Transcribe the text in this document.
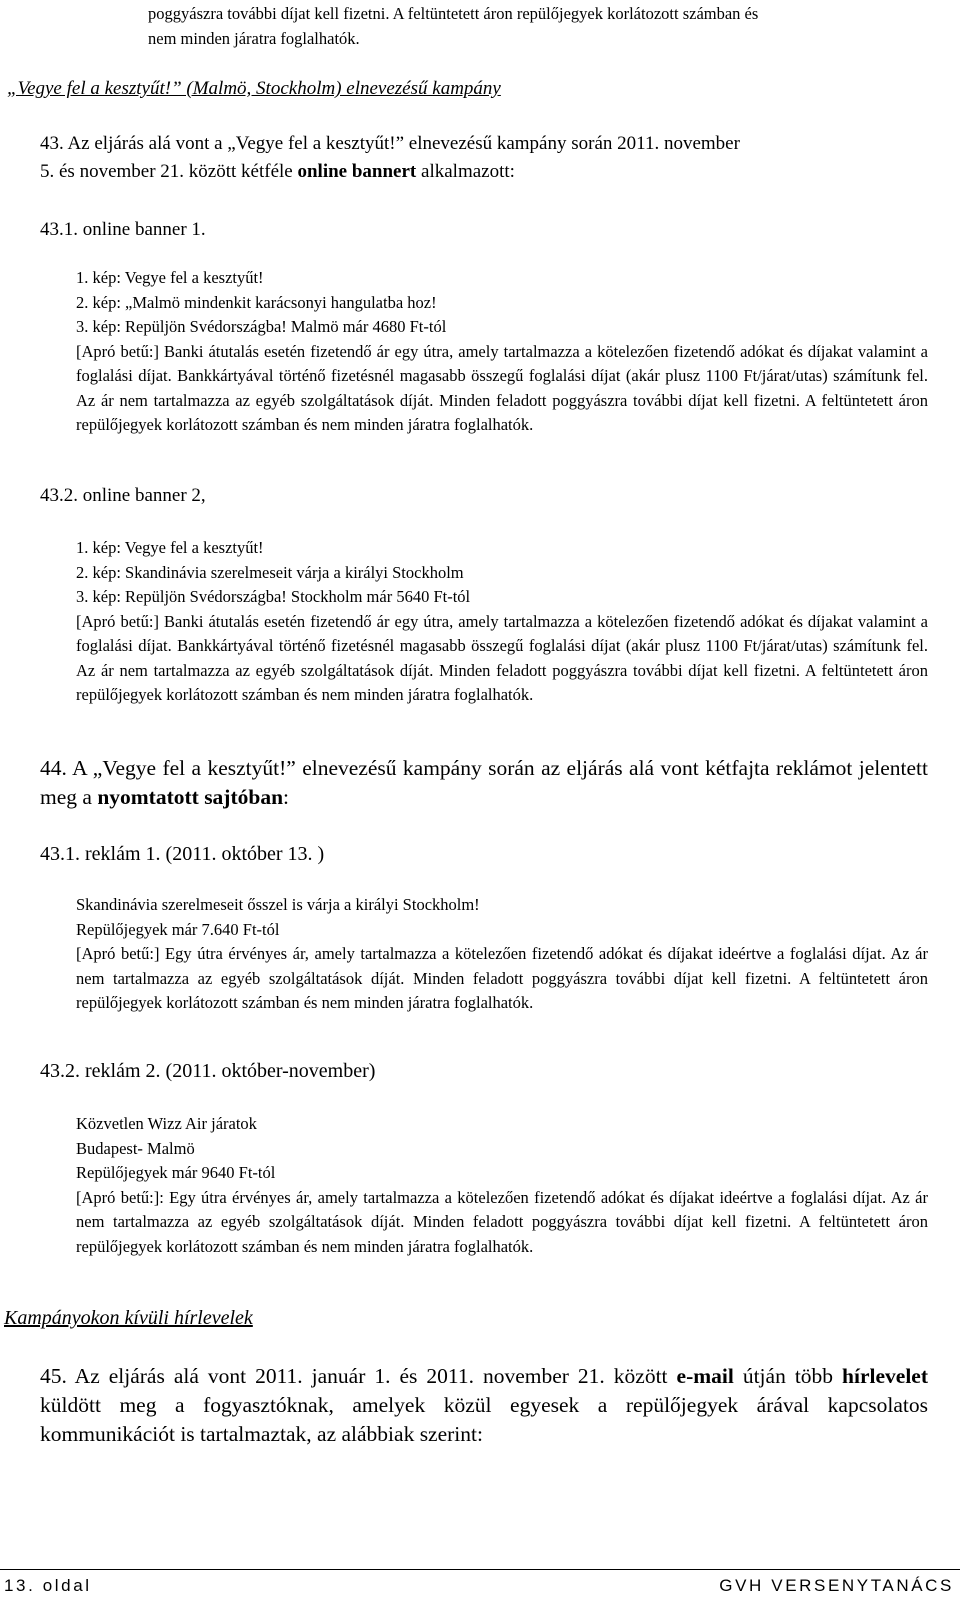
poggyászra további díjat kell fizetni. A feltüntetett áron repülőjegyek korlátozott számban és
nem minden járatra foglalhatók.
„Vegye fel a kesztyűt!” (Malmö, Stockholm) elnevezésű kampány
43. Az eljárás alá vont a „Vegye fel a kesztyűt!” elnevezésű kampány során 2011. november
5. és november 21. között kétféle online bannert alkalmazott:
43.1. online banner 1.
1. kép: Vegye fel a kesztyűt!
2. kép: „Malmö mindenkit karácsonyi hangulatba hoz!
3. kép: Repüljön Svédországba! Malmö már 4680 Ft-tól
[Apró betű:] Banki átutalás esetén fizetendő ár egy útra, amely tartalmazza a kötelezően fizetendő adókat és díjakat valamint a foglalási díjat. Bankkártyával történő fizetésnél magasabb összegű foglalási díjat (akár plusz 1100 Ft/járat/utas) számítunk fel. Az ár nem tartalmazza az egyéb szolgáltatások díját. Minden feladott poggyászra további díjat kell fizetni. A feltüntetett áron repülőjegyek korlátozott számban és nem minden járatra foglalhatók.
43.2. online banner 2,
1. kép: Vegye fel a kesztyűt!
2. kép: Skandinávia szerelmeseit várja a királyi Stockholm
3. kép: Repüljön Svédországba! Stockholm már 5640 Ft-tól
[Apró betű:] Banki átutalás esetén fizetendő ár egy útra, amely tartalmazza a kötelezően fizetendő adókat és díjakat valamint a foglalási díjat. Bankkártyával történő fizetésnél magasabb összegű foglalási díjat (akár plusz 1100 Ft/járat/utas) számítunk fel. Az ár nem tartalmazza az egyéb szolgáltatások díját. Minden feladott poggyászra további díjat kell fizetni. A feltüntetett áron repülőjegyek korlátozott számban és nem minden járatra foglalhatók.
44. A „Vegye fel a kesztyűt!” elnevezésű kampány során az eljárás alá vont kétfajta reklámot jelentett meg a nyomtatott sajtóban:
43.1. reklám 1. (2011. október 13. )
Skandinávia szerelmeseit ősszel is várja a királyi Stockholm!
Repülőjegyek már 7.640 Ft-tól
[Apró betű:] Egy útra érvényes ár, amely tartalmazza a kötelezően fizetendő adókat és díjakat ideértve a foglalási díjat. Az ár nem tartalmazza az egyéb szolgáltatások díját. Minden feladott poggyászra további díjat kell fizetni. A feltüntetett áron repülőjegyek korlátozott számban és nem minden járatra foglalhatók.
43.2. reklám 2. (2011. október-november)
Közvetlen Wizz Air járatok
Budapest- Malmö
Repülőjegyek már 9640 Ft-tól
[Apró betű:]: Egy útra érvényes ár, amely tartalmazza a kötelezően fizetendő adókat és díjakat ideértve a foglalási díjat. Az ár nem tartalmazza az egyéb szolgáltatások díját. Minden feladott poggyászra további díjat kell fizetni. A feltüntetett áron repülőjegyek korlátozott számban és nem minden járatra foglalhatók.
Kampányokon kívüli hírlevelek
45. Az eljárás alá vont 2011. január 1. és 2011. november 21. között e-mail útján több hírlevelet küldött meg a fogyasztóknak, amelyek közül egyesek a repülőjegyek árával kapcsolatos kommunikációt is tartalmaztak, az alábbiak szerint:
13. oldal	GVH VERSENYTANÁCS
